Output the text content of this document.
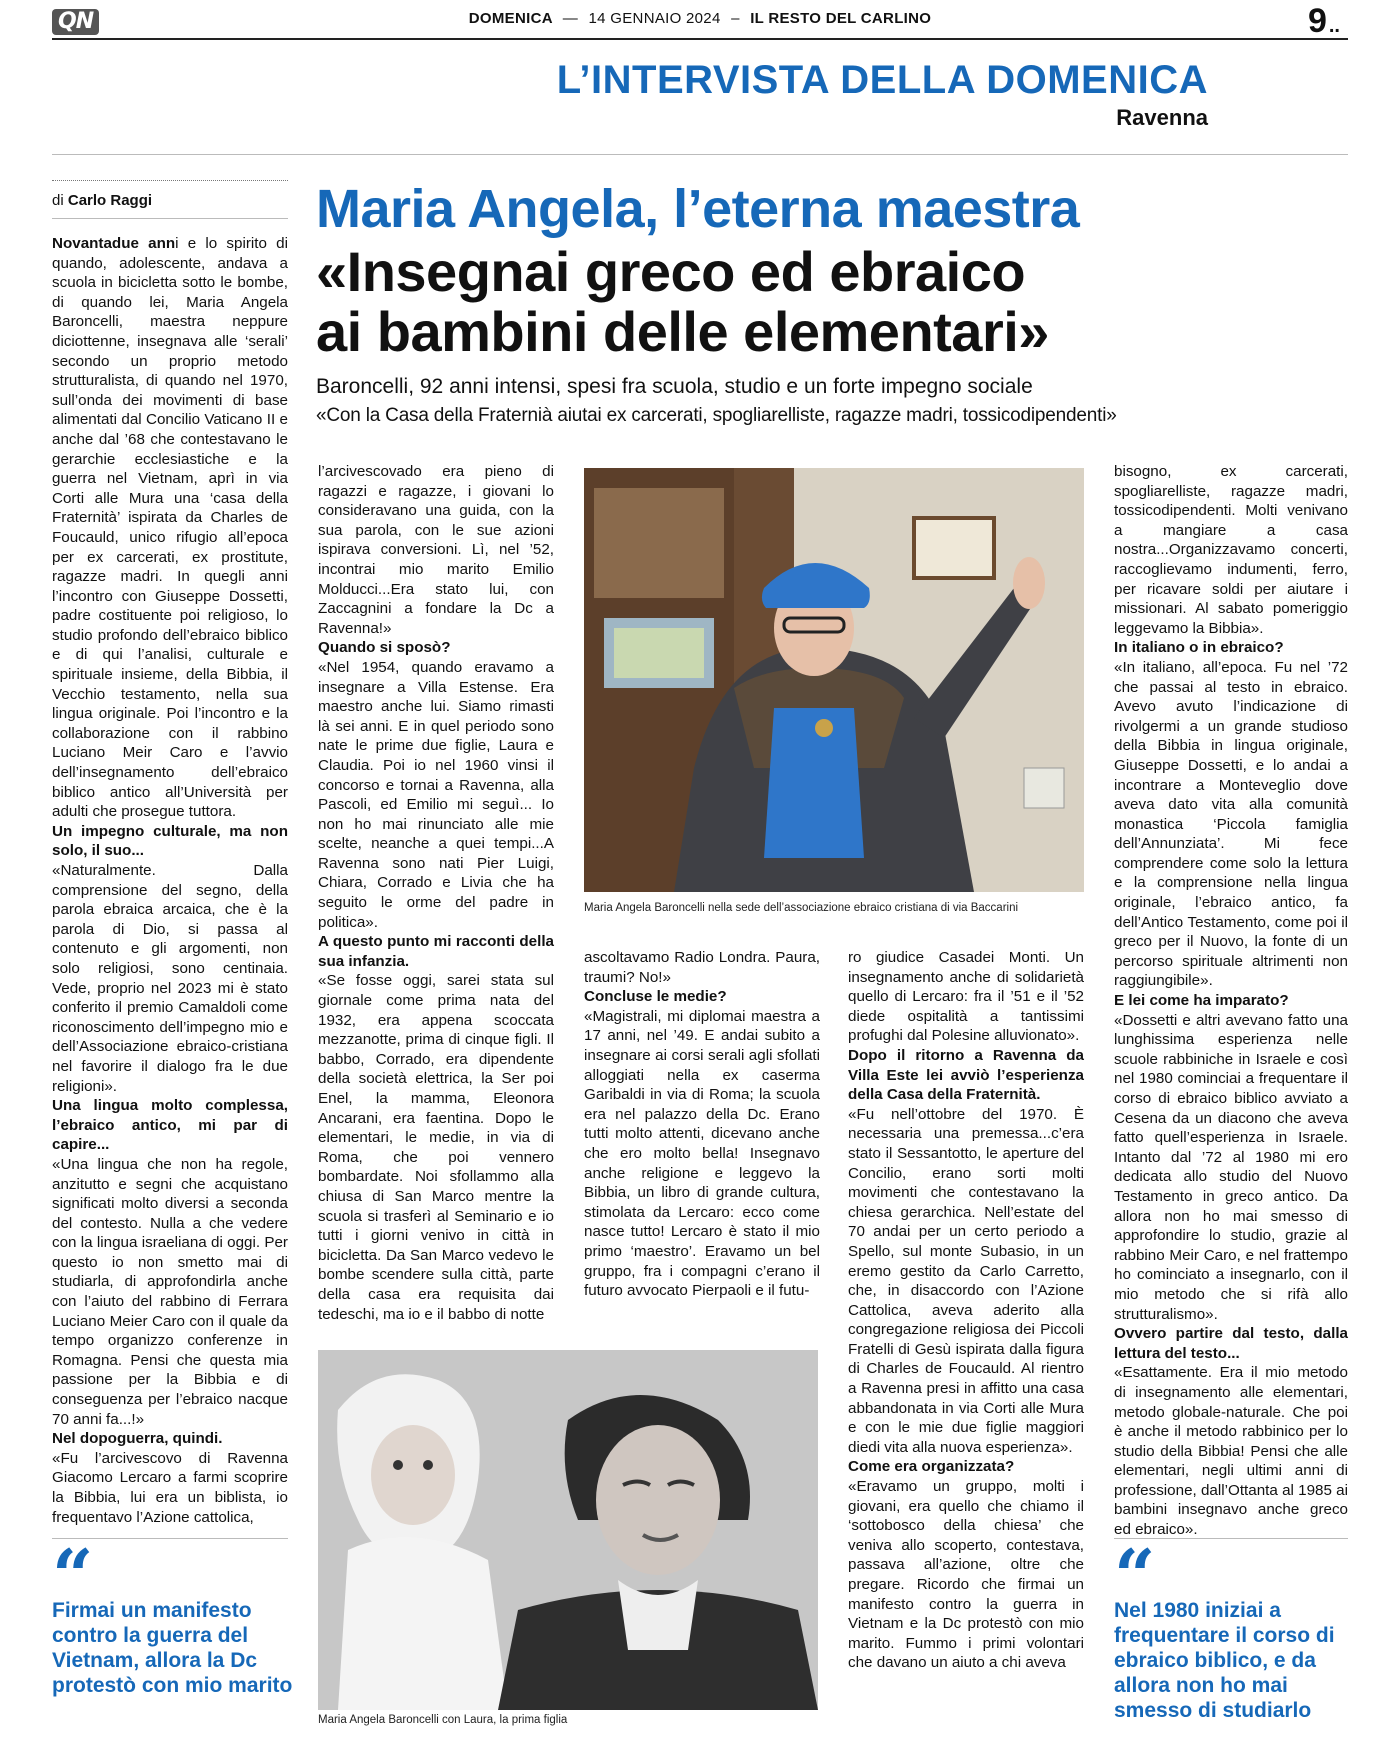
QN	DOMENICA — 14 GENNAIO 2024 – IL RESTO DEL CARLINO	9 ..
L’INTERVISTA DELLA DOMENICA
Ravenna
di Carlo Raggi	Maria Angela, l’eterna maestra
«Insegnai greco ed ebraico
ai bambini delle elementari»
Baroncelli, 92 anni intensi, spesi fra scuola, studio e un forte impegno sociale
«Con la Casa della Fraternià aiutai ex carcerati, spogliarelliste, ragazze madri, tossicodipendenti»

Novantadue anni e lo spirito di quando, adolescente, andava a scuola in bicicletta sotto le bombe, di quando lei, Maria Angela Baroncelli, maestra neppure diciottenne, insegnava alle ‘serali’ secondo un proprio metodo strutturalista, di quando nel 1970, sull’onda dei movimenti di base alimentati dal Concilio Vaticano II e anche dal ’68 che contestavano le gerarchie ecclesiastiche e la guerra nel Vietnam, aprì in via Corti alle Mura una ‘casa della Fraternità’ ispirata da Charles de Foucauld, unico rifugio all’epoca per ex carcerati, ex prostitute, ragazze madri. In quegli anni l’incontro con Giuseppe Dossetti, padre costituente poi religioso, lo studio profondo dell’ebraico biblico e di qui l’analisi, culturale e spirituale insieme, della Bibbia, il Vecchio testamento, nella sua lingua originale. Poi l’incontro e la collaborazione con il rabbino Luciano Meir Caro e l’avvio dell’insegnamento dell’ebraico biblico antico all’Università per adulti che prosegue tuttora.

Un impegno culturale, ma non solo, il suo...

«Naturalmente. Dalla comprensione del segno, della parola ebraica arcaica, che è la parola di Dio, si passa al contenuto e gli argomenti, non solo religiosi, sono centinaia. Vede, proprio nel 2023 mi è stato conferito il premio Camaldoli come riconoscimento dell’impegno mio e dell’Associazione ebraico-cristiana nel favorire il dialogo fra le due religioni».

Una lingua molto complessa, l’ebraico antico, mi par di capire...

«Una lingua che non ha regole, anzitutto e segni che acquistano significati molto diversi a seconda del contesto. Nulla a che vedere con la lingua israeliana di oggi. Per questo io non smetto mai di studiarla, di approfondirla anche con l’aiuto del rabbino di Ferrara Luciano Meier Caro con il quale da tempo organizzo conferenze in Romagna. Pensi che questa mia passione per la Bibbia e di conseguenza per l’ebraico nacque 70 anni fa...!»

Nel dopoguerra, quindi.

«Fu l’arcivescovo di Ravenna Giacomo Lercaro a farmi scoprire la Bibbia, lui era un biblista, io frequentavo l’Azione cattolica,

l’arcivescovado era pieno di ragazzi e ragazze, i giovani lo consideravano una guida, con la sua parola, con le sue azioni ispirava conversioni. Lì, nel ’52, incontrai mio marito Emilio Molducci...Era stato lui, con Zaccagnini a fondare la Dc a Ravenna!»

Quando si sposò?

«Nel 1954, quando eravamo a insegnare a Villa Estense. Era maestro anche lui. Siamo rimasti là sei anni. E in quel periodo sono nate le prime due figlie, Laura e Claudia. Poi io nel 1960 vinsi il concorso e tornai a Ravenna, alla Pascoli, ed Emilio mi seguì... Io non ho mai rinunciato alle mie scelte, neanche a quei tempi...A Ravenna sono nati Pier Luigi, Chiara, Corrado e Livia che ha seguito le orme del padre in politica».

A questo punto mi racconti della sua infanzia.

«Se fosse oggi, sarei stata sul giornale come prima nata del 1932, era appena scoccata mezzanotte, prima di cinque figli. Il babbo, Corrado, era dipendente della società elettrica, la Ser poi Enel, la mamma, Eleonora Ancarani, era faentina. Dopo le elementari, le medie, in via di Roma, che poi vennero bombardate. Noi sfollammo alla chiusa di San Marco mentre la scuola si trasferì al Seminario e io tutti i giorni venivo in città in bicicletta. Da San Marco vedevo le bombe scendere sulla città, parte della casa era requisita dai tedeschi, ma io e il babbo di notte

Maria Angela Baroncelli nella sede dell’associazione ebraico cristiana di via Baccarini

ascoltavamo Radio Londra. Paura, traumi? No!»

Concluse le medie?

«Magistrali, mi diplomai maestra a 17 anni, nel ’49. E andai subito a insegnare ai corsi serali agli sfollati alloggiati nella ex caserma Garibaldi in via di Roma; la scuola era nel palazzo della Dc. Erano tutti molto attenti, dicevano anche che ero molto bella! Insegnavo anche religione e leggevo la Bibbia, un libro di grande cultura, stimolata da Lercaro: ecco come nasce tutto! Lercaro è stato il mio primo ‘maestro’. Eravamo un bel gruppo, fra i compagni c’erano il futuro avvocato Pierpaoli e il futu-

ro giudice Casadei Monti. Un insegnamento anche di solidarietà quello di Lercaro: fra il ’51 e il ’52 diede ospitalità a tantissimi profughi dal Polesine alluvionato».

Dopo il ritorno a Ravenna da Villa Este lei avviò l’esperienza della Casa della Fraternità.

«Fu nell’ottobre del 1970. È necessaria una premessa...c’era stato il Sessantotto, le aperture del Concilio, erano sorti molti movimenti che contestavano la chiesa gerarchica. Nell’estate del 70 andai per un certo periodo a Spello, sul monte Subasio, in un eremo gestito da Carlo Carretto, che, in disaccordo con l’Azione Cattolica, aveva aderito alla congregazione religiosa dei Piccoli Fratelli di Gesù ispirata dalla figura di Charles de Foucauld. Al rientro a Ravenna presi in affitto una casa abbandonata in via Corti alle Mura e con le mie due figlie maggiori diedi vita alla nuova esperienza».

Come era organizzata?

«Eravamo un gruppo, molti i giovani, era quello che chiamo il ‘sottobosco della chiesa’ che veniva allo scoperto, contestava, passava all’azione, oltre che pregare. Ricordo che firmai un manifesto contro la guerra in Vietnam e la Dc protestò con mio marito. Fummo i primi volontari che davano un aiuto a chi aveva

bisogno, ex carcerati, spogliarelliste, ragazze madri, tossicodipendenti. Molti venivano a mangiare a casa nostra...Organizzavamo concerti, raccoglievamo indumenti, ferro, per ricavare soldi per aiutare i missionari. Al sabato pomeriggio leggevamo la Bibbia».

In italiano o in ebraico?

«In italiano, all’epoca. Fu nel ’72 che passai al testo in ebraico. Avevo avuto l’indicazione di rivolgermi a un grande studioso della Bibbia in lingua originale, Giuseppe Dossetti, e lo andai a incontrare a Monteveglio dove aveva dato vita alla comunità monastica ‘Piccola famiglia dell’Annunziata’. Mi fece comprendere come solo la lettura e la comprensione nella lingua originale, l’ebraico antico, fa dell’Antico Testamento, come poi il greco per il Nuovo, la fonte di un percorso spirituale altrimenti non raggiungibile».

E lei come ha imparato?

«Dossetti e altri avevano fatto una lunghissima esperienza nelle scuole rabbiniche in Israele e così nel 1980 cominciai a frequentare il corso di ebraico biblico avviato a Cesena da un diacono che aveva fatto quell’esperienza in Israele. Intanto dal ’72 al 1980 mi ero dedicata allo studio del Nuovo Testamento in greco antico. Da allora non ho mai smesso di approfondire lo studio, grazie al rabbino Meir Caro, e nel frattempo ho cominciato a insegnarlo, con il mio metodo che si rifà allo strutturalismo».

Ovvero partire dal testo, dalla lettura del testo...

«Esattamente. Era il mio metodo di insegnamento alle elementari, metodo globale-naturale. Che poi è anche il metodo rabbinico per lo studio della Bibbia! Pensi che alle elementari, negli ultimi anni di professione, dall’Ottanta al 1985 ai bambini insegnavo anche greco ed ebraico».

Maria Angela Baroncelli con Laura, la prima figlia
“
Firmai un manifesto contro la guerra del Vietnam, allora la Dc protestò con mio marito
“
Nel 1980 iniziai a frequentare il corso di ebraico biblico, e da allora non ho mai smesso di studiarlo
